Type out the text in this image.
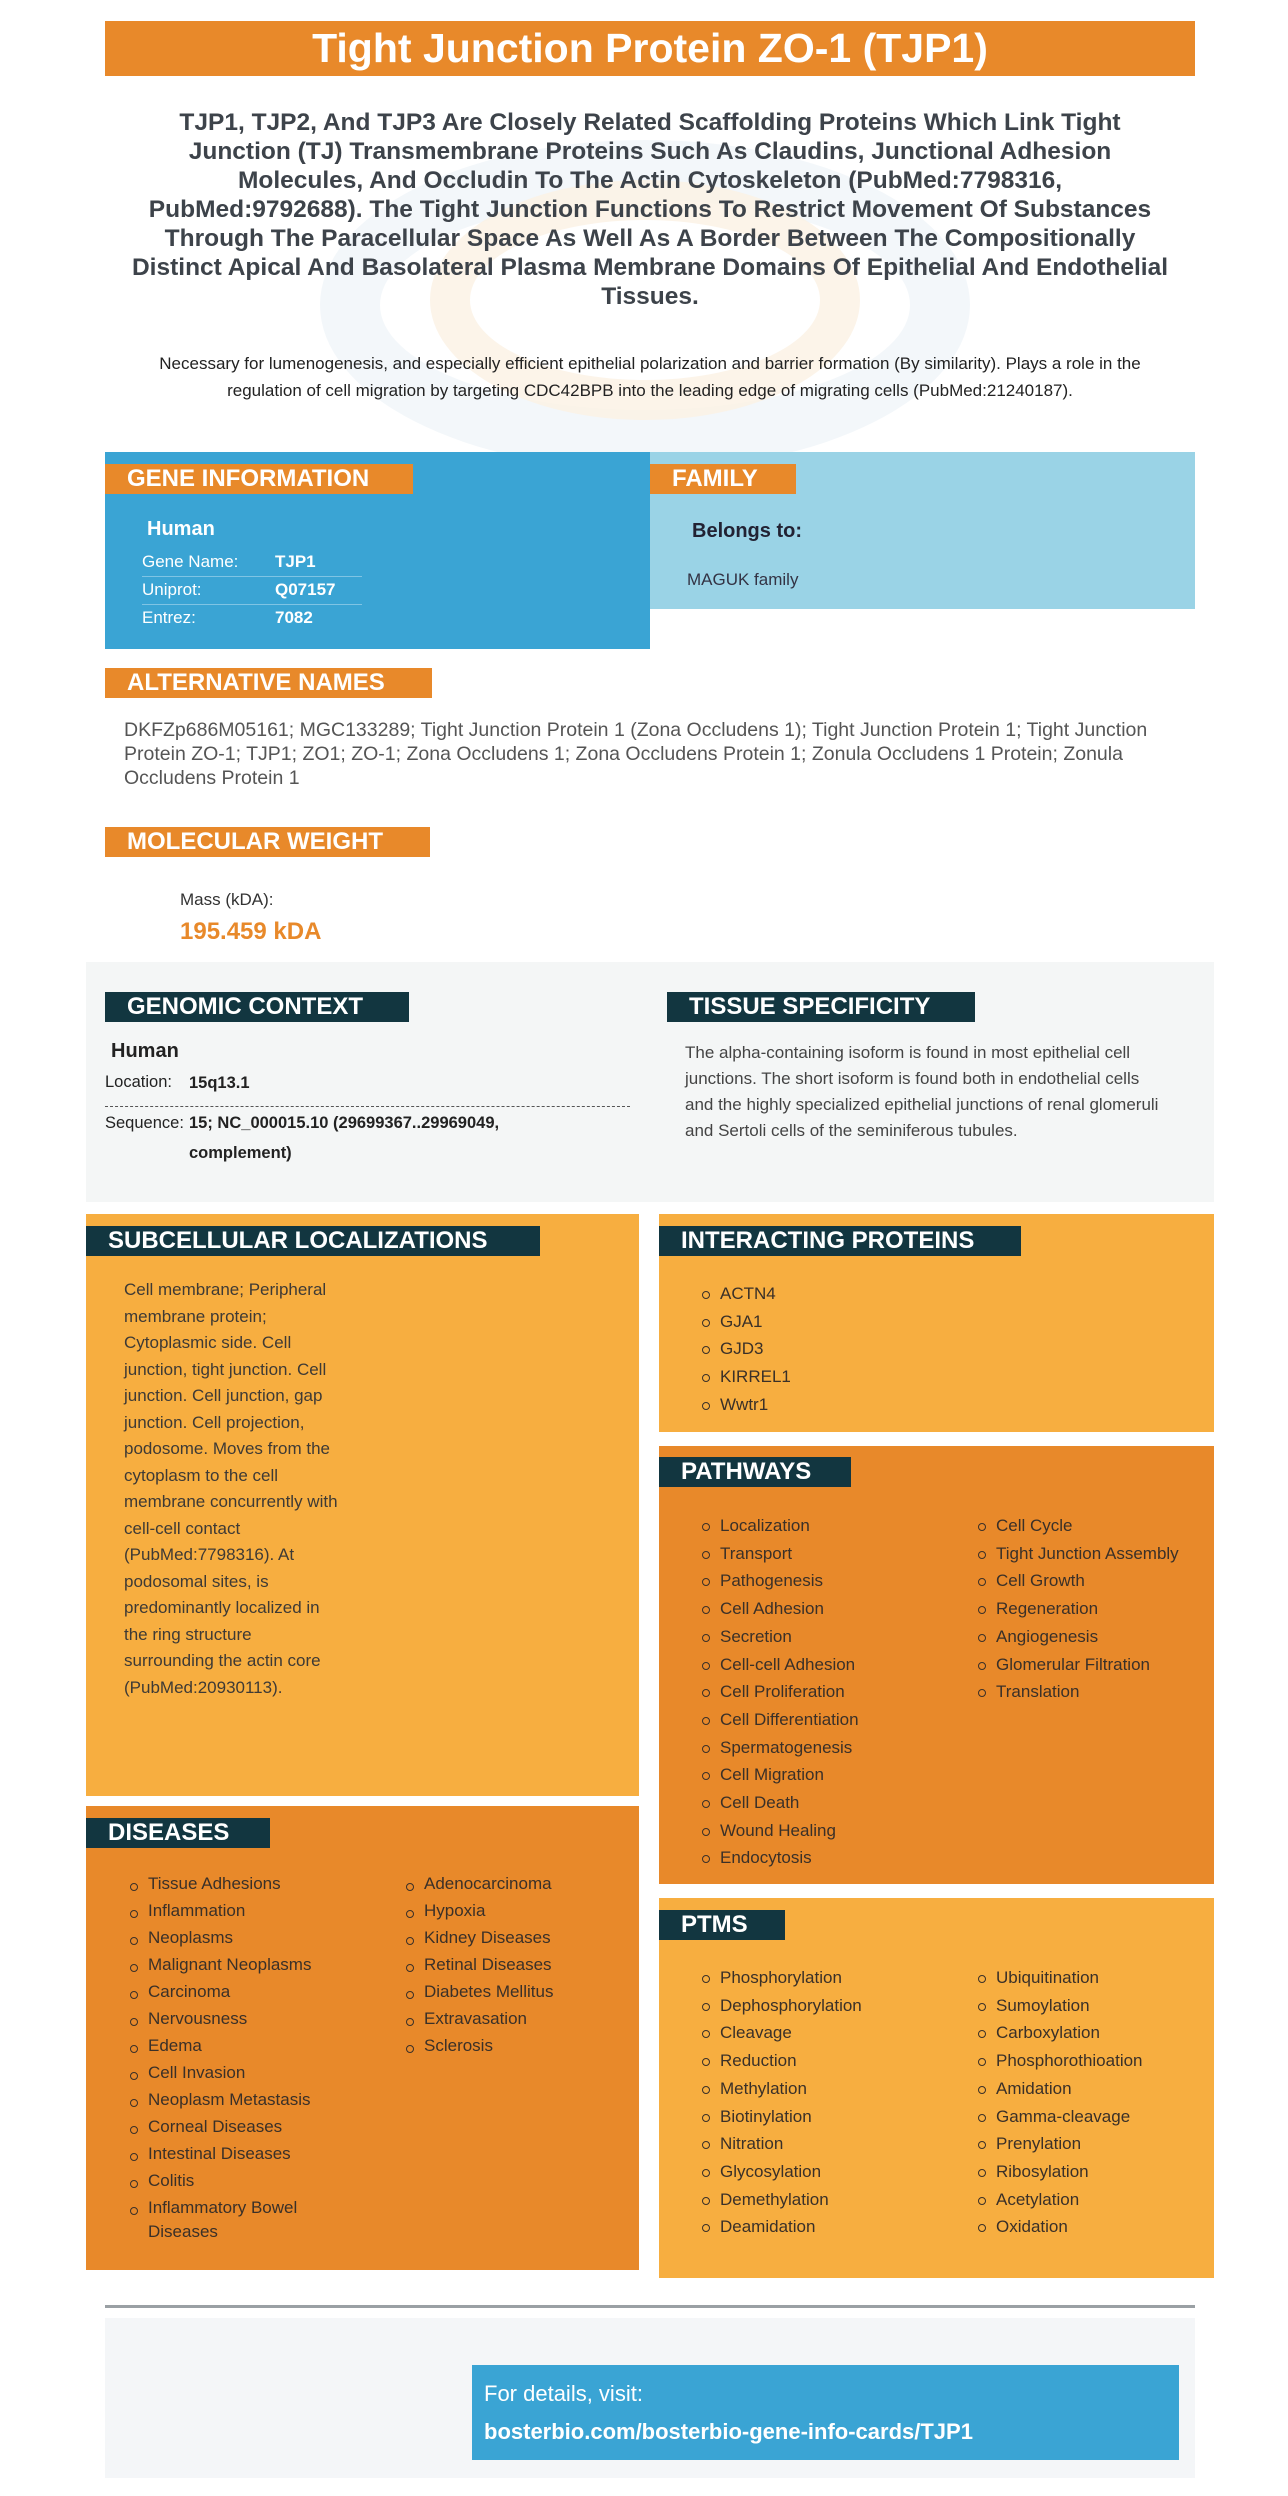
Tight Junction Protein ZO-1 (TJP1)
TJP1, TJP2, And TJP3 Are Closely Related Scaffolding Proteins Which Link Tight Junction (TJ) Transmembrane Proteins Such As Claudins, Junctional Adhesion Molecules, And Occludin To The Actin Cytoskeleton (PubMed:7798316, PubMed:9792688). The Tight Junction Functions To Restrict Movement Of Substances Through The Paracellular Space As Well As A Border Between The Compositionally Distinct Apical And Basolateral Plasma Membrane Domains Of Epithelial And Endothelial Tissues.
Necessary for lumenogenesis, and especially efficient epithelial polarization and barrier formation (By similarity). Plays a role in the regulation of cell migration by targeting CDC42BPB into the leading edge of migrating cells (PubMed:21240187).
Human
Gene Name:	TJP1
Uniprot:	Q07157
Entrez:	7082
GENE INFORMATION
Belongs to:
MAGUK family
FAMILY
ALTERNATIVE NAMES
DKFZp686M05161; MGC133289; Tight Junction Protein 1 (Zona Occludens 1); Tight Junction Protein 1; Tight Junction Protein ZO-1; TJP1; ZO1; ZO-1; Zona Occludens 1; Zona Occludens Protein 1; Zonula Occludens 1 Protein; Zonula Occludens Protein 1
MOLECULAR WEIGHT
Mass (kDA):
195.459 kDA
GENOMIC CONTEXT
Human
Location:	15q13.1
Sequence: 15; NC_000015.10 (29699367..29969049,
complement)
TISSUE SPECIFICITY
The alpha-containing isoform is found in most epithelial cell junctions. The short isoform is found both in endothelial cells and the highly specialized epithelial junctions of renal glomeruli and Sertoli cells of the seminiferous tubules.
SUBCELLULAR LOCALIZATIONS
Cell membrane; Peripheral membrane protein; Cytoplasmic side. Cell junction, tight junction. Cell junction. Cell junction, gap junction. Cell projection, podosome. Moves from the cytoplasm to the cell membrane concurrently with cell-cell contact (PubMed:7798316). At podosomal sites, is predominantly localized in the ring structure surrounding the actin core (PubMed:20930113).
INTERACTING PROTEINS
ACTN4
GJA1
GJD3
KIRREL1
Wwtr1
PATHWAYS
Localization
Transport
Pathogenesis
Cell Adhesion
Secretion
Cell-cell Adhesion
Cell Proliferation
Cell Differentiation
Spermatogenesis
Cell Migration
Cell Death
Wound Healing
Endocytosis
Cell Cycle
Tight Junction Assembly
Cell Growth
Regeneration
Angiogenesis
Glomerular Filtration
Translation
DISEASES
Tissue Adhesions
Inflammation
Neoplasms
Malignant Neoplasms
Carcinoma
Nervousness
Edema
Cell Invasion
Neoplasm Metastasis
Corneal Diseases
Intestinal Diseases
Colitis
Inflammatory Bowel Diseases
Adenocarcinoma
Hypoxia
Kidney Diseases
Retinal Diseases
Diabetes Mellitus
Extravasation
Sclerosis
PTMS
Phosphorylation
Dephosphorylation
Cleavage
Reduction
Methylation
Biotinylation
Nitration
Glycosylation
Demethylation
Deamidation
Ubiquitination
Sumoylation
Carboxylation
Phosphorothioation
Amidation
Gamma-cleavage
Prenylation
Ribosylation
Acetylation
Oxidation
For details, visit:
bosterbio.com/bosterbio-gene-info-cards/TJP1
